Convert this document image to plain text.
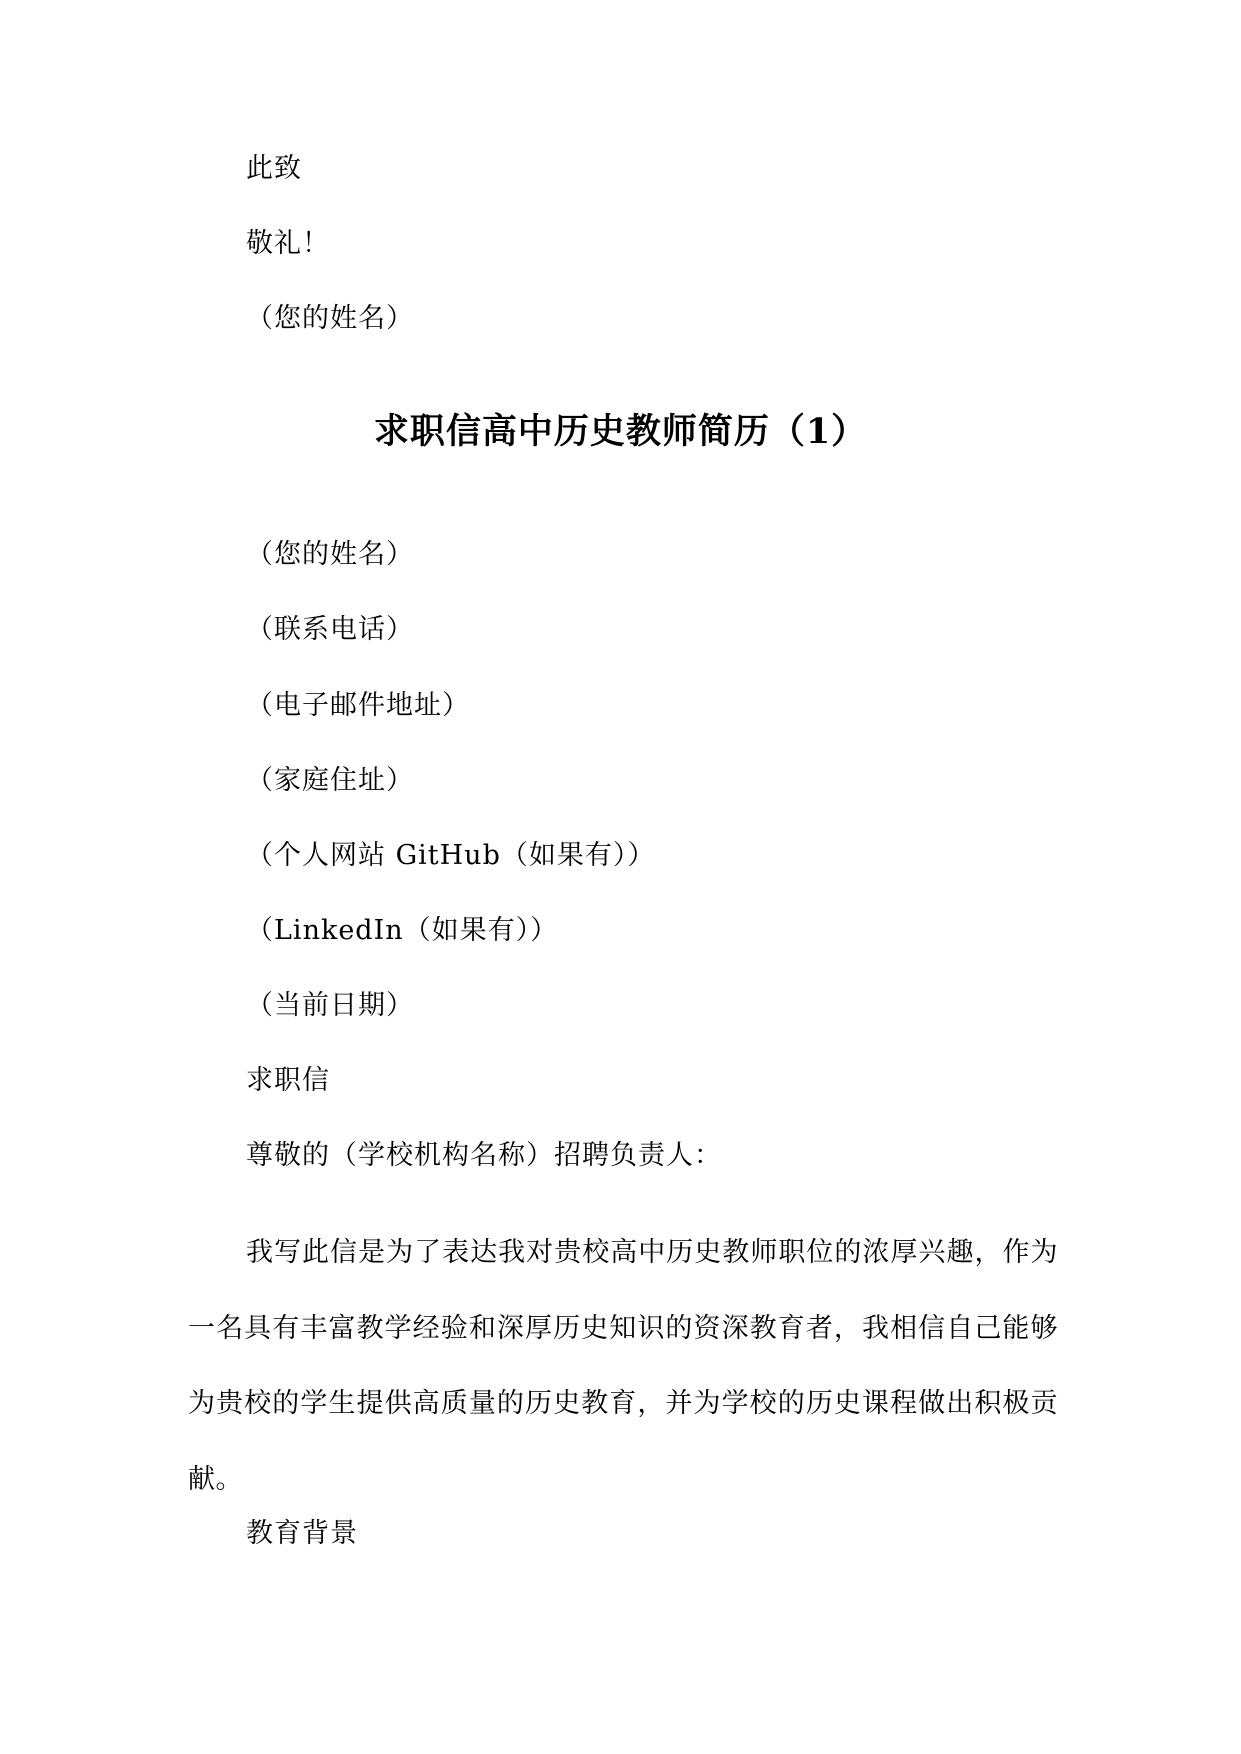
此致
敬礼！
（您的姓名）
求职信高中历史教师简历（1）
（您的姓名）
（联系电话）
（电子邮件地址）
（家庭住址）
（个人网站 GitHub（如果有））
（LinkedIn（如果有））
（当前日期）
求职信
尊敬的（学校机构名称）招聘负责人：
我写此信是为了表达我对贵校高中历史教师职位的浓厚兴趣，作为一名具有丰富教学经验和深厚历史知识的资深教育者，我相信自己能够为贵校的学生提供高质量的历史教育，并为学校的历史课程做出积极贡献。
教育背景
